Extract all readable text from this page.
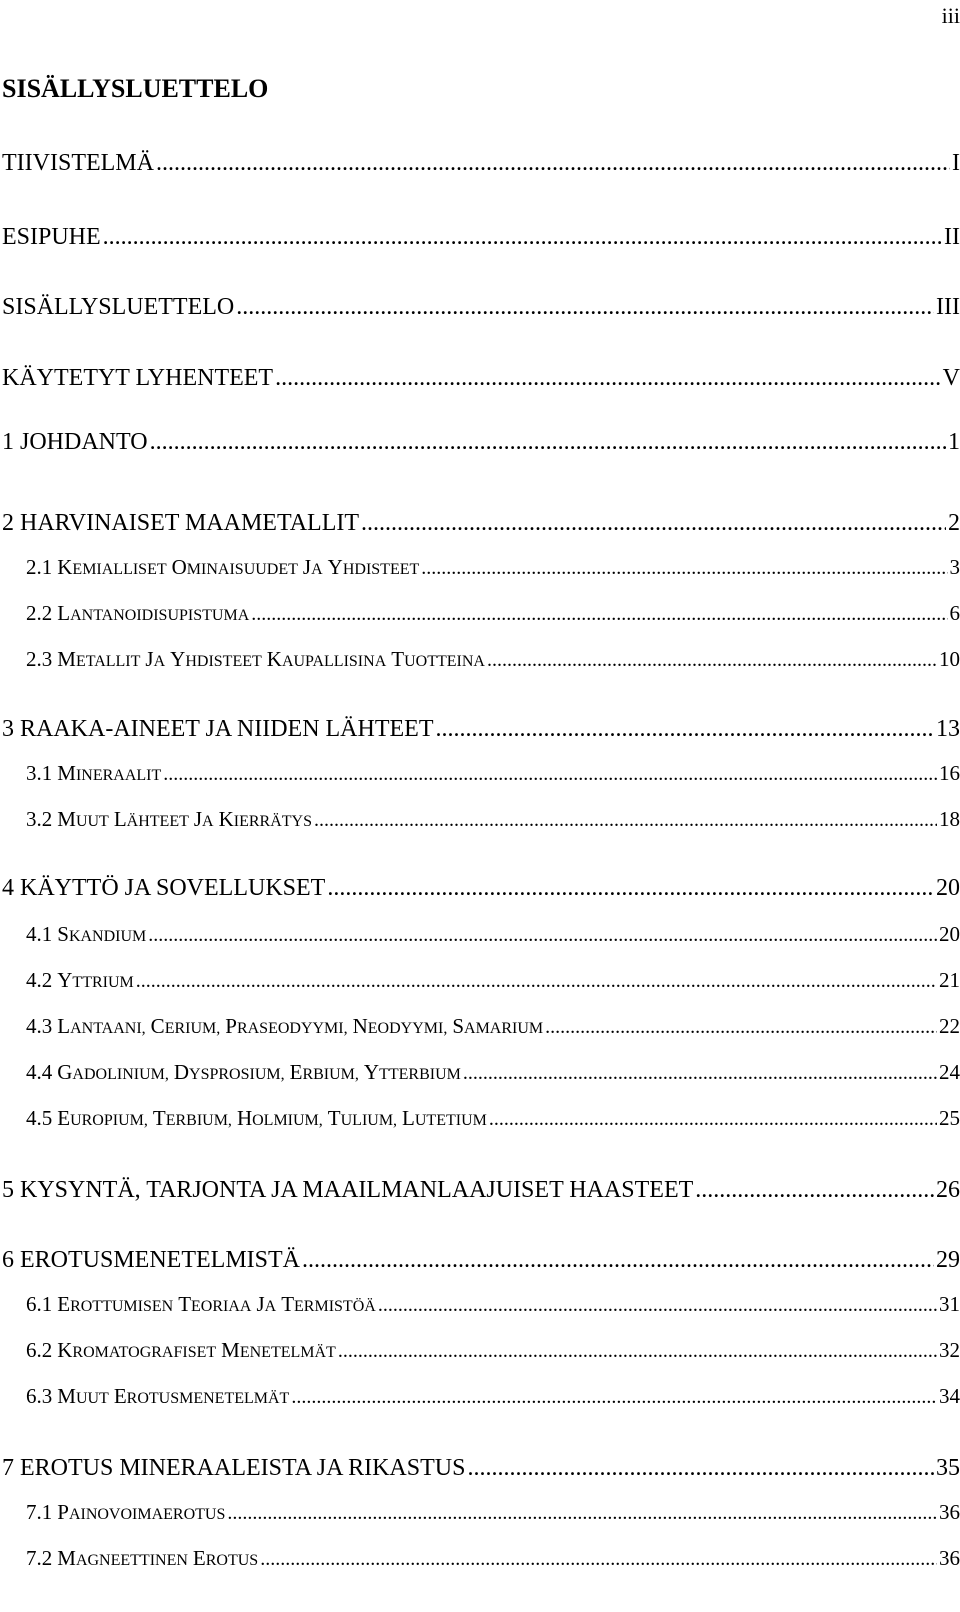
iii
SISÄLLYSLUETTELO
TIIVISTELMÄ .....	I
ESIPUHE .....	II
SISÄLLYSLUETTELO .....	III
KÄYTETYT LYHENTEET .....	V
1 JOHDANTO .....	1
2 HARVINAISET MAAMETALLIT .....	2
2.1 KEMIALLISET OMINAISUUDET JA YHDISTEET .....	3
2.2 LANTANOIDISUPISTUMA .....	6
2.3 METALLIT JA YHDISTEET KAUPALLISINA TUOTTEINA .....	10
3 RAAKA-AINEET JA NIIDEN LÄHTEET .....	13
3.1 MINERAALIT .....	16
3.2 MUUT LÄHTEET JA KIERRÄTYS .....	18
4 KÄYTTÖ JA SOVELLUKSET .....	20
4.1 SKANDIUM .....	20
4.2 YTTRIUM .....	21
4.3 LANTAANI, CERIUM, PRASEODYYMI, NEODYYMI, SAMARIUM .....	22
4.4 GADOLINIUM, DYSPROSIUM, ERBIUM, YTTERBIUM .....	24
4.5 EUROPIUM, TERBIUM, HOLMIUM, TULIUM, LUTETIUM .....	25
5 KYSYNTÄ, TARJONTA JA MAAILMANLAAJUISET HAASTEET .....	26
6 EROTUSMENETELMISTÄ .....	29
6.1 EROTTUMISEN TEORIAA JA TERMISTÖÄ .....	31
6.2 KROMATOGRAFISET MENETELMÄT .....	32
6.3 MUUT EROTUSMENETELMÄT .....	34
7 EROTUS MINERAALEISTA JA RIKASTUS .....	35
7.1 PAINOVOIMAEROTUS .....	36
7.2 MAGNEETTINEN EROTUS .....	36
